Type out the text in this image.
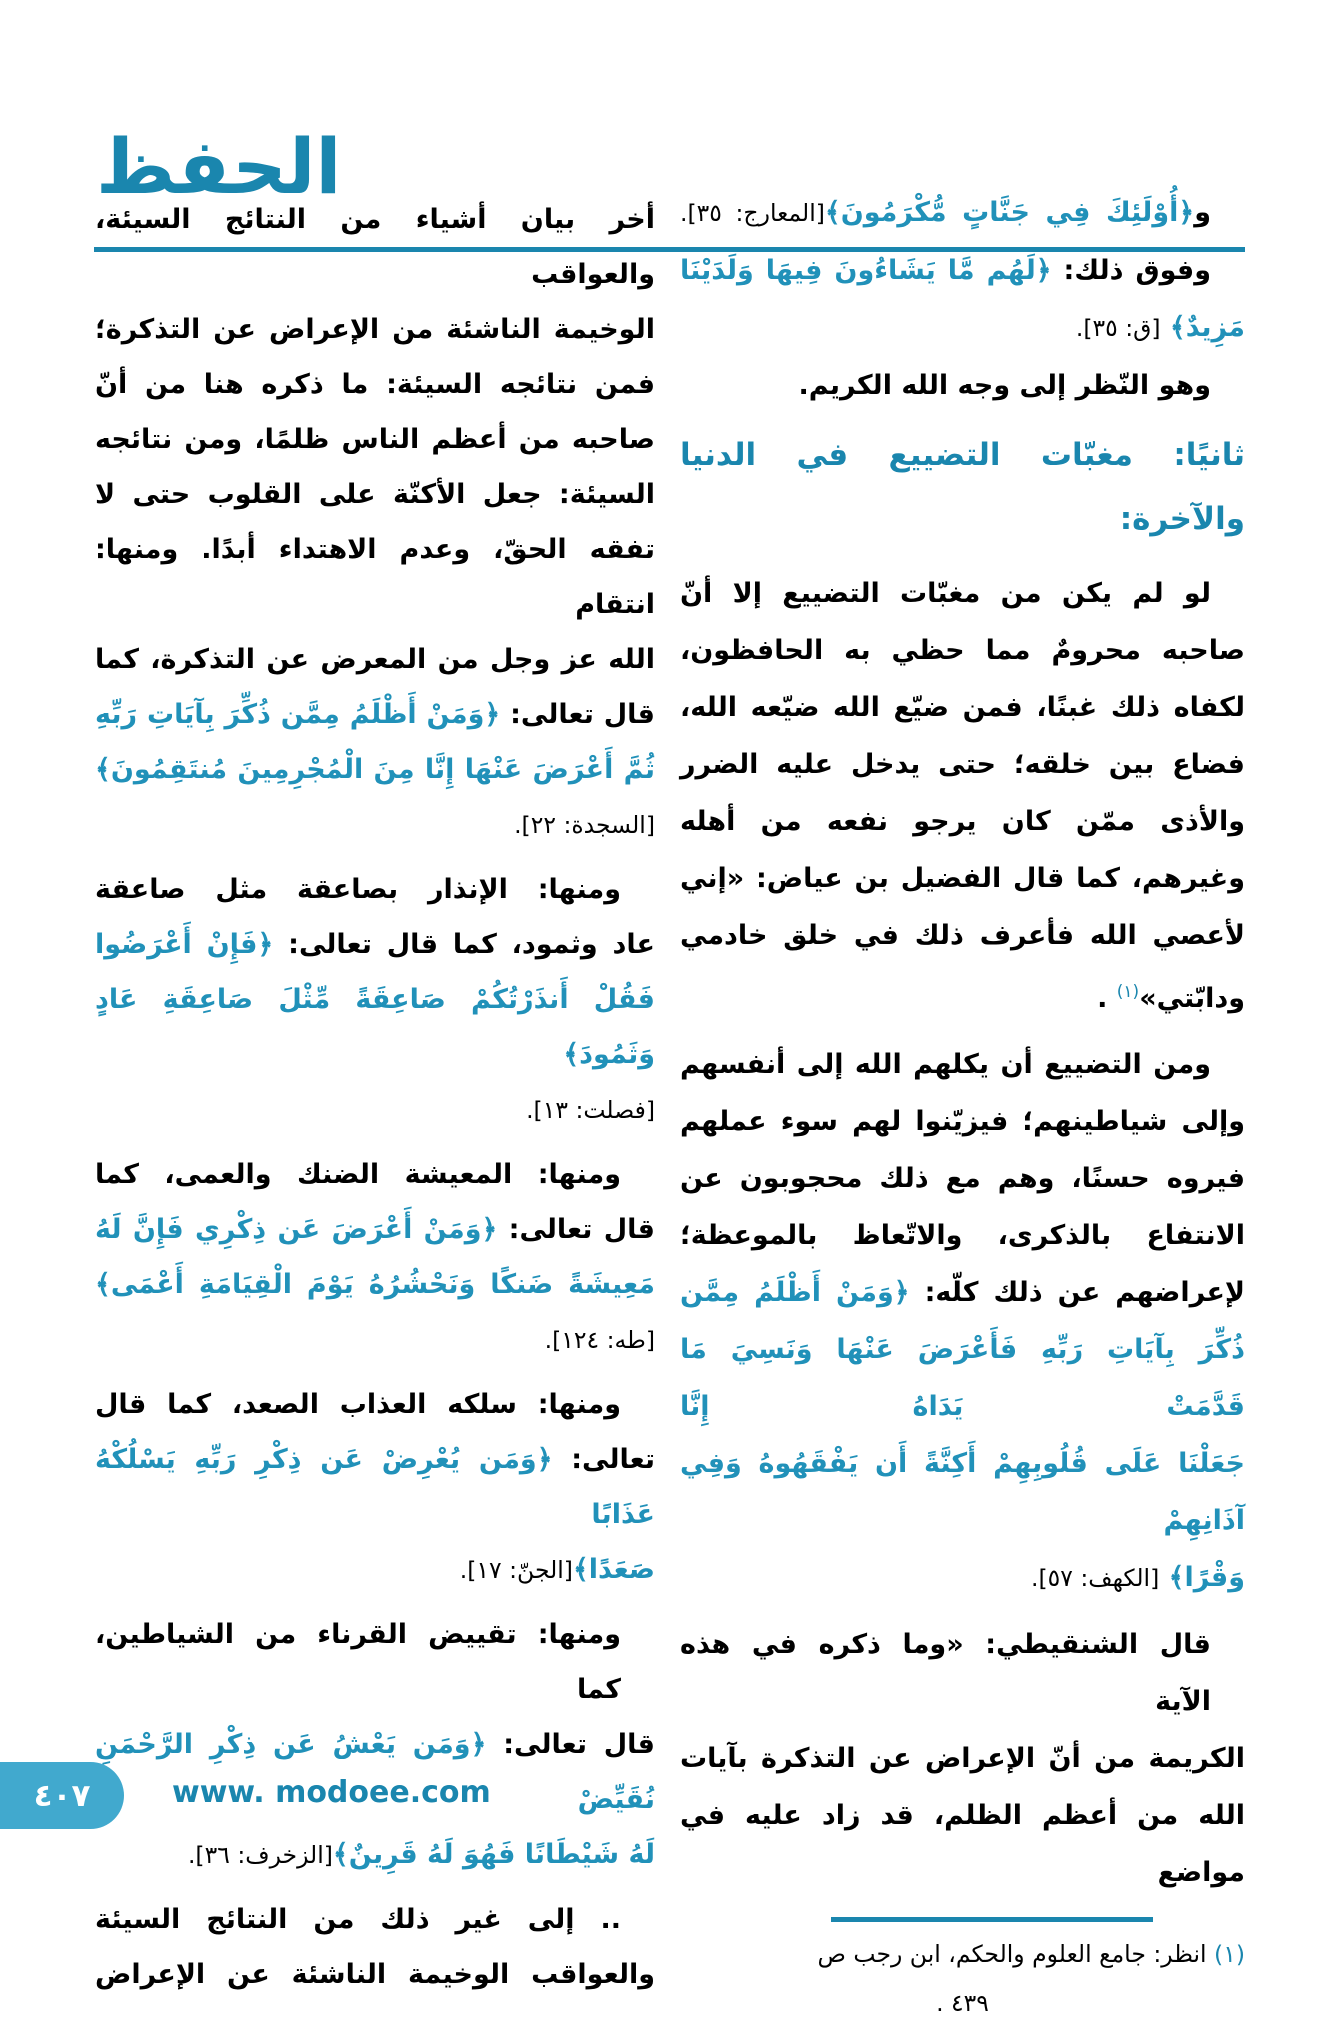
الحفظ
و﴿أُوْلَئِكَ فِي جَنَّاتٍ مُّكْرَمُونَ﴾[المعارج: ٣٥].
وفوق ذلك: ﴿لَهُم مَّا يَشَاءُونَ فِيهَا وَلَدَيْنَا
مَزِيدٌ﴾ [ق: ٣٥].
وهو النّظر إلى وجه الله الكريم.
ثانيًا: مغبّات التضييع في الدنيا
والآخرة:
لو لم يكن من مغبّات التضييع إلا أنّ
صاحبه محرومٌ مما حظي به الحافظون،
لكفاه ذلك غبنًا، فمن ضيّع الله ضيّعه الله،
فضاع بين خلقه؛ حتى يدخل عليه الضرر
والأذى ممّن كان يرجو نفعه من أهله
وغيرهم، كما قال الفضيل بن عياض: «إني
لأعصي الله فأعرف ذلك في خلق خادمي
ودابّتي»$^{(١)}$ .
ومن التضييع أن يكلهم الله إلى أنفسهم
وإلى شياطينهم؛ فيزيّنوا لهم سوء عملهم
فيروه حسنًا، وهم مع ذلك محجوبون عن
الانتفاع بالذكرى، والاتّعاظ بالموعظة؛
لإعراضهم عن ذلك كلّه: ﴿وَمَنْ أَظْلَمُ مِمَّن
ذُكِّرَ بِآيَاتِ رَبِّهِ فَأَعْرَضَ عَنْهَا وَنَسِيَ مَا قَدَّمَتْ يَدَاهُ إِنَّا
جَعَلْنَا عَلَى قُلُوبِهِمْ أَكِنَّةً أَن يَفْقَهُوهُ وَفِي آذَانِهِمْ
وَقْرًا﴾ [الكهف: ٥٧].
قال الشنقيطي: «وما ذكره في هذه الآية
الكريمة من أنّ الإعراض عن التذكرة بآيات
الله من أعظم الظلم، قد زاد عليه في مواضع
(١) انظر: جامع العلوم والحكم، ابن رجب ص
٤٣٩ .
أخر بيان أشياء من النتائج السيئة، والعواقب
الوخيمة الناشئة من الإعراض عن التذكرة؛
فمن نتائجه السيئة: ما ذكره هنا من أنّ
صاحبه من أعظم الناس ظلمًا، ومن نتائجه
السيئة: جعل الأكنّة على القلوب حتى لا
تفقه الحقّ، وعدم الاهتداء أبدًا. ومنها: انتقام
الله عز وجل من المعرض عن التذكرة، كما
قال تعالى: ﴿وَمَنْ أَظْلَمُ مِمَّن ذُكِّرَ بِآيَاتِ رَبِّهِ
ثُمَّ أَعْرَضَ عَنْهَا إِنَّا مِنَ الْمُجْرِمِينَ مُنتَقِمُونَ﴾
[السجدة: ٢٢].
ومنها: الإنذار بصاعقة مثل صاعقة
عاد وثمود، كما قال تعالى: ﴿فَإِنْ أَعْرَضُوا
فَقُلْ أَنذَرْتُكُمْ صَاعِقَةً مِّثْلَ صَاعِقَةِ عَادٍ وَثَمُودَ﴾
[فصلت: ١٣].
ومنها: المعيشة الضنك والعمى، كما
قال تعالى: ﴿وَمَنْ أَعْرَضَ عَن ذِكْرِي فَإِنَّ لَهُ
مَعِيشَةً ضَنكًا وَنَحْشُرُهُ يَوْمَ الْقِيَامَةِ أَعْمَى﴾
[طه: ١٢٤].
ومنها: سلكه العذاب الصعد، كما قال
تعالى: ﴿وَمَن يُعْرِضْ عَن ذِكْرِ رَبِّهِ يَسْلُكْهُ عَذَابًا
صَعَدًا﴾[الجنّ: ١٧].
ومنها: تقييض القرناء من الشياطين، كما
قال تعالى: ﴿وَمَن يَعْشُ عَن ذِكْرِ الرَّحْمَنِ نُقَيِّضْ
لَهُ شَيْطَانًا فَهُوَ لَهُ قَرِينٌ﴾[الزخرف: ٣٦].
.. إلى غير ذلك من النتائج السيئة
والعواقب الوخيمة الناشئة عن الإعراض
٤٠٧	www. modoee.com
